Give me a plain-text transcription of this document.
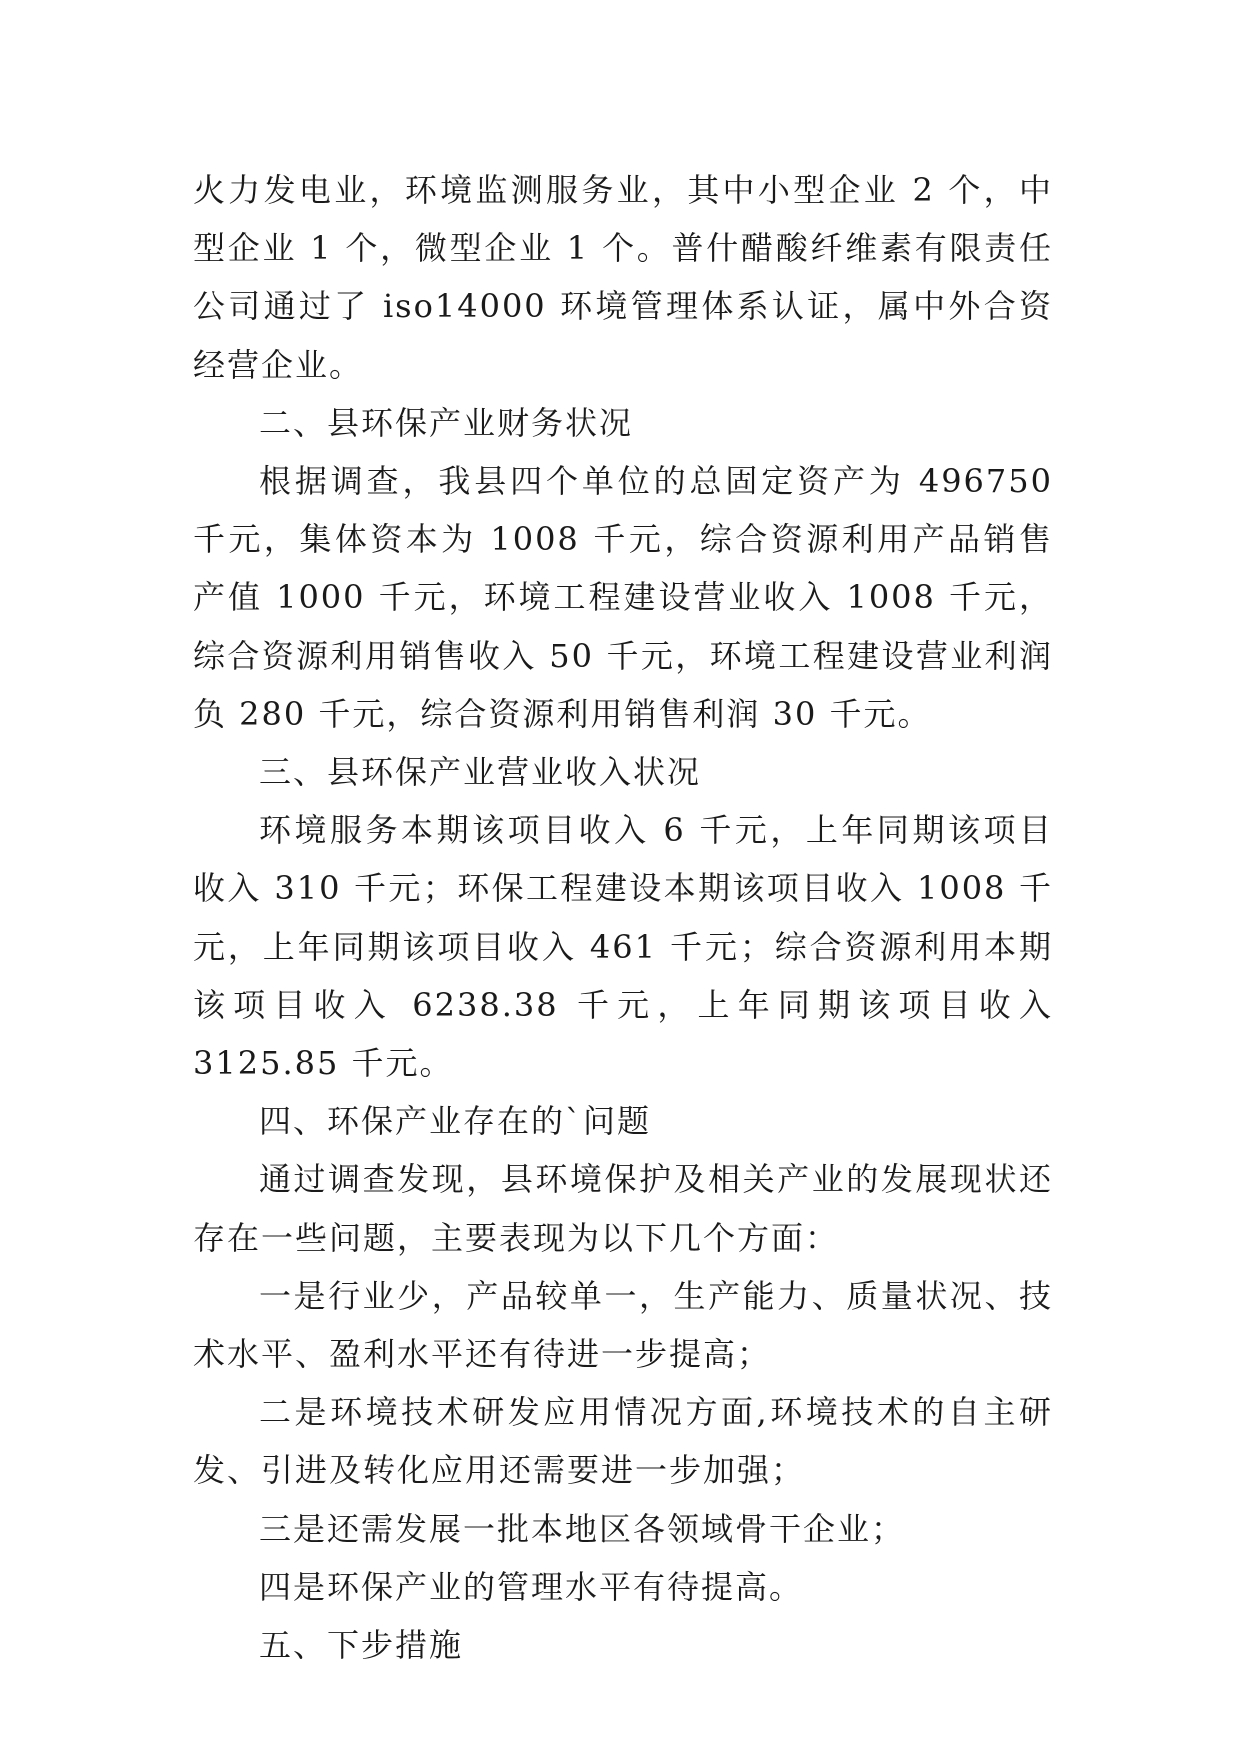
火力发电业，环境监测服务业，其中小型企业 2 个，中型企业 1 个，微型企业 1 个。普什醋酸纤维素有限责任公司通过了 iso14000 环境管理体系认证，属中外合资经营企业。

二、县环保产业财务状况

根据调查，我县四个单位的总固定资产为 496750 千元，集体资本为 1008 千元，综合资源利用产品销售产值 1000 千元，环境工程建设营业收入 1008 千元，综合资源利用销售收入 50 千元，环境工程建设营业利润负 280 千元，综合资源利用销售利润 30 千元。

三、县环保产业营业收入状况

环境服务本期该项目收入 6 千元，上年同期该项目收入 310 千元；环保工程建设本期该项目收入 1008 千元，上年同期该项目收入 461 千元；综合资源利用本期该项目收入 6238.38 千元，上年同期该项目收入 3125.85 千元。

四、环保产业存在的`问题

通过调查发现，县环境保护及相关产业的发展现状还存在一些问题，主要表现为以下几个方面：

一是行业少，产品较单一，生产能力、质量状况、技术水平、盈利水平还有待进一步提高；

二是环境技术研发应用情况方面,环境技术的自主研发、引进及转化应用还需要进一步加强；

三是还需发展一批本地区各领域骨干企业；

四是环保产业的管理水平有待提高。

五、下步措施
